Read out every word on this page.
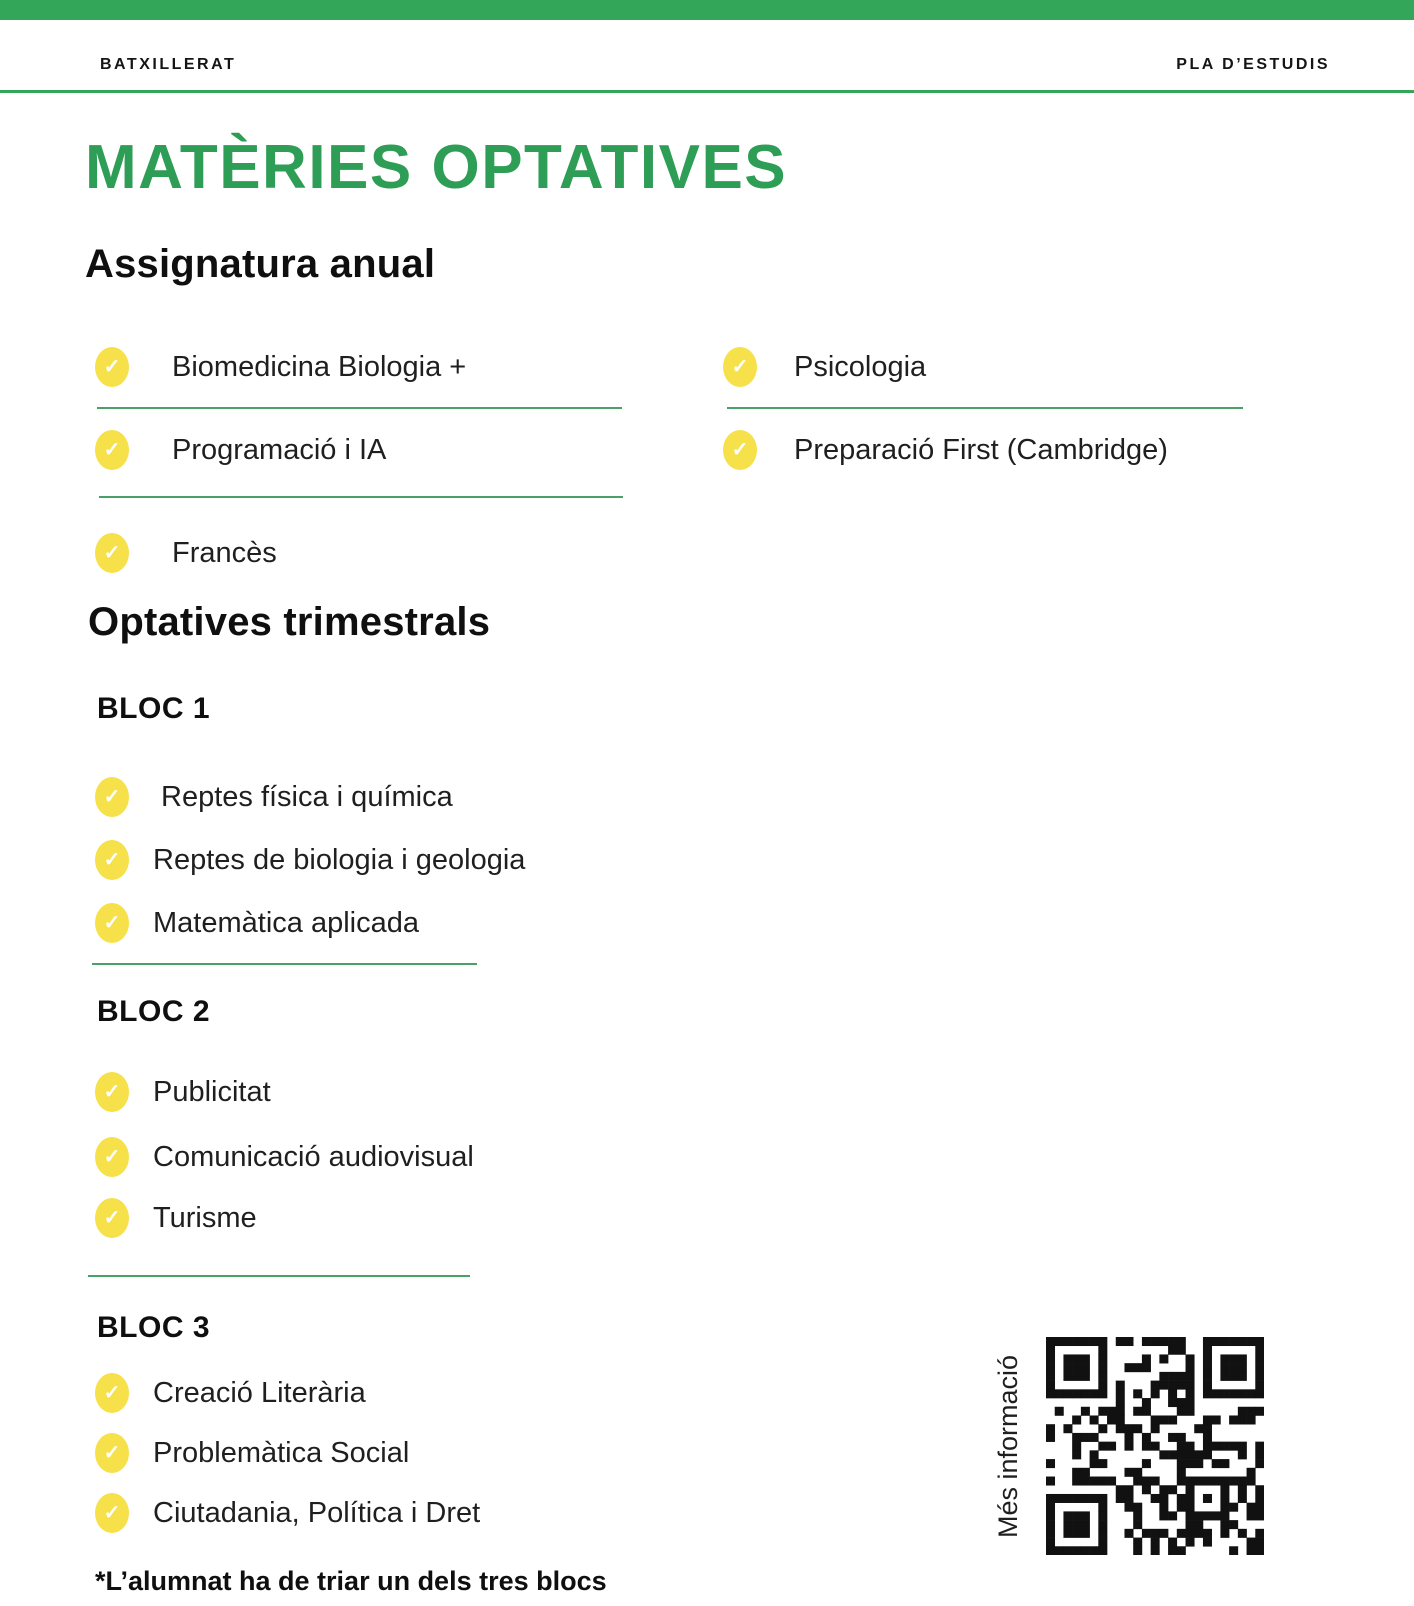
BATXILLERAT	PLA D’ESTUDIS
MATÈRIES OPTATIVES
Assignatura anual
✓ Biomedicina Biologia +
✓ Programació i IA
✓ Francès
✓ Psicologia
✓ Preparació First (Cambridge)
Optatives trimestrals
BLOC 1
✓ Reptes física i química
✓ Reptes de biologia i geologia
✓ Matemàtica aplicada
BLOC 2
✓ Publicitat
✓ Comunicació audiovisual
✓ Turisme
BLOC 3
✓ Creació Literària
✓ Problemàtica Social
✓ Ciutadania, Política i Dret
*L’alumnat ha de triar un dels tres blocs
Més informació
